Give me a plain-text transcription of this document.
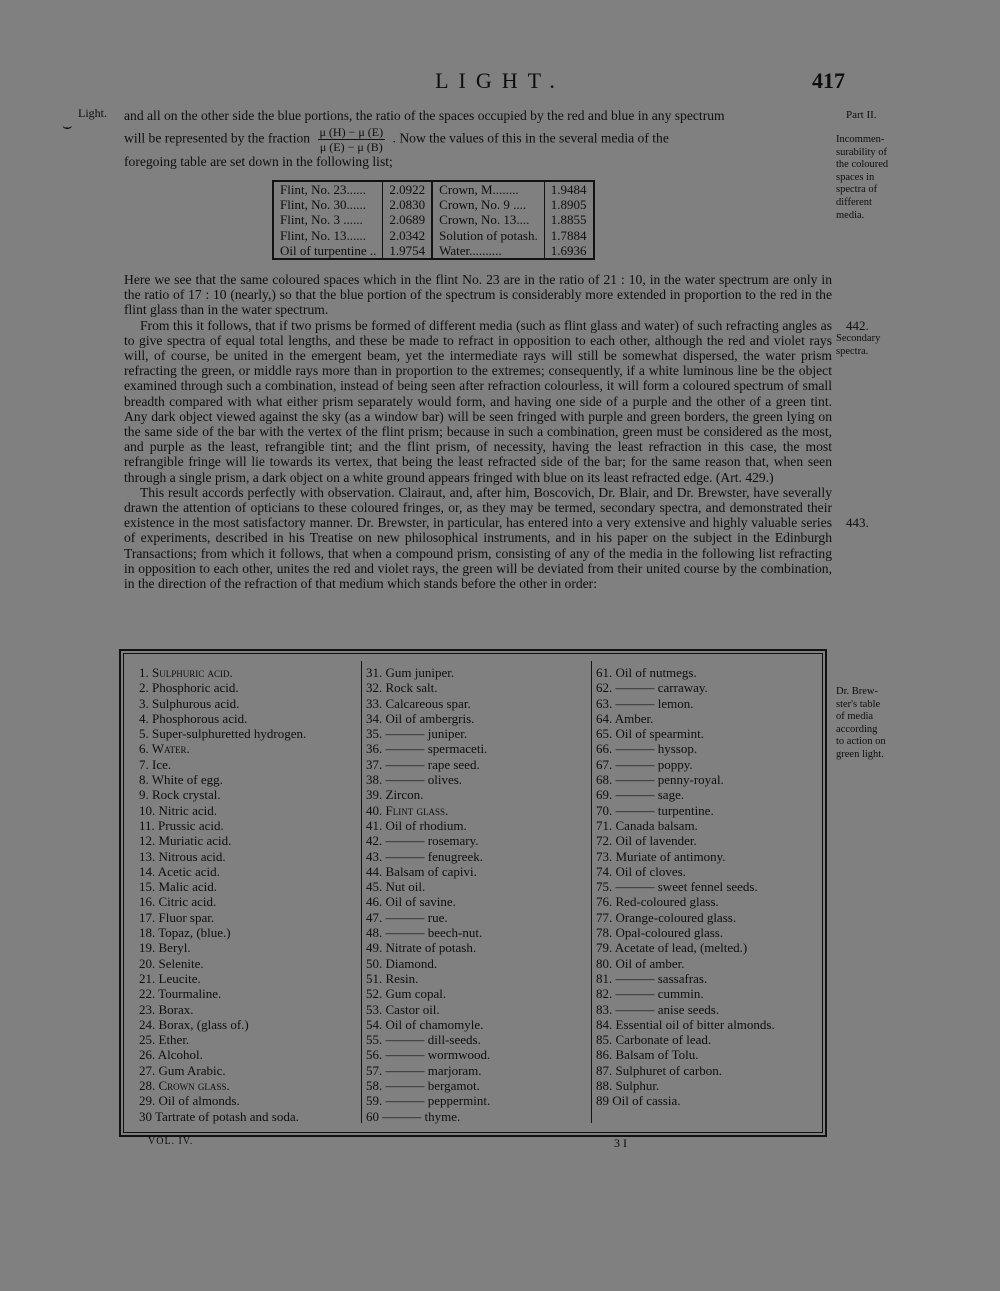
LIGHT.	417
Light.
⌣
Part II.
Incommen-
surability of
the coloured
spaces in
spectra of
different
media.
442.
Secondary
spectra.
443.
Dr. Brew-
ster's table
of media
according
to action on
green light.

and all on the other side the blue portions, the ratio of the spaces occupied by the red and blue in any spectrum

will be represented by the fraction $\frac{\mu (H) - \mu (E)}{\mu (E) - \mu (B)}$ . Now the values of this in the several media of the

foregoing table are set down in the following list;

Flint, No. 23......	2.0922	Crown, M........	1.9484
Flint, No. 30......	2.0830	Crown, No. 9 ....	1.8905
Flint, No. 3 ......	2.0689	Crown, No. 13....	1.8855
Flint, No. 13......	2.0342	Solution of potash.	1.7884
Oil of turpentine ..	1.9754	Water..........	1.6936

Here we see that the same coloured spaces which in the flint No. 23 are in the ratio of 21 : 10, in the water spectrum are only in the ratio of 17 : 10 (nearly,) so that the blue portion of the spectrum is considerably more extended in proportion to the red in the flint glass than in the water spectrum.

From this it follows, that if two prisms be formed of different media (such as flint glass and water) of such refracting angles as to give spectra of equal total lengths, and these be made to refract in opposition to each other, although the red and violet rays will, of course, be united in the emergent beam, yet the intermediate rays will still be somewhat dispersed, the water prism refracting the green, or middle rays more than in proportion to the extremes; consequently, if a white luminous line be the object examined through such a combination, instead of being seen after refraction colourless, it will form a coloured spectrum of small breadth compared with what either prism separately would form, and having one side of a purple and the other of a green tint. Any dark object viewed against the sky (as a window bar) will be seen fringed with purple and green borders, the green lying on the same side of the bar with the vertex of the flint prism; because in such a combination, green must be considered as the most, and purple as the least, refrangible tint; and the flint prism, of necessity, having the least refraction in this case, the most refrangible fringe will lie towards its vertex, that being the least refracted side of the bar; for the same reason that, when seen through a single prism, a dark object on a white ground appears fringed with blue on its least refracted edge. (Art. 429.)

This result accords perfectly with observation. Clairaut, and, after him, Boscovich, Dr. Blair, and Dr. Brewster, have severally drawn the attention of opticians to these coloured fringes, or, as they may be termed, secondary spectra, and demonstrated their existence in the most satisfactory manner. Dr. Brewster, in particular, has entered into a very extensive and highly valuable series of experiments, described in his Treatise on new philosophical instruments, and in his paper on the subject in the Edinburgh Transactions; from which it follows, that when a compound prism, consisting of any of the media in the following list refracting in opposition to each other, unites the red and violet rays, the green will be deviated from their united course by the combination, in the direction of the refraction of that medium which stands before the other in order:

1. Sulphuric acid.
2. Phosphoric acid.
3. Sulphurous acid.
4. Phosphorous acid.
5. Super-sulphuretted hydrogen.
6. Water.
7. Ice.
8. White of egg.
9. Rock crystal.
10. Nitric acid.
11. Prussic acid.
12. Muriatic acid.
13. Nitrous acid.
14. Acetic acid.
15. Malic acid.
16. Citric acid.
17. Fluor spar.
18. Topaz, (blue.)
19. Beryl.
20. Selenite.
21. Leucite.
22. Tourmaline.
23. Borax.
24. Borax, (glass of.)
25. Ether.
26. Alcohol.
27. Gum Arabic.
28. Crown glass.
29. Oil of almonds.
30 Tartrate of potash and soda.
31. Gum juniper.
32. Rock salt.
33. Calcareous spar.
34. Oil of ambergris.
35. ——— juniper.
36. ——— spermaceti.
37. ——— rape seed.
38. ——— olives.
39. Zircon.
40. Flint glass.
41. Oil of rhodium.
42. ——— rosemary.
43. ——— fenugreek.
44. Balsam of capivi.
45. Nut oil.
46. Oil of savine.
47. ——— rue.
48. ——— beech-nut.
49. Nitrate of potash.
50. Diamond.
51. Resin.
52. Gum copal.
53. Castor oil.
54. Oil of chamomyle.
55. ——— dill-seeds.
56. ——— wormwood.
57. ——— marjoram.
58. ——— bergamot.
59. ——— peppermint.
60 ——— thyme.
61. Oil of nutmegs.
62. ——— carraway.
63. ——— lemon.
64. Amber.
65. Oil of spearmint.
66. ——— hyssop.
67. ——— poppy.
68. ——— penny-royal.
69. ——— sage.
70. ——— turpentine.
71. Canada balsam.
72. Oil of lavender.
73. Muriate of antimony.
74. Oil of cloves.
75. ——— sweet fennel seeds.
76. Red-coloured glass.
77. Orange-coloured glass.
78. Opal-coloured glass.
79. Acetate of lead, (melted.)
80. Oil of amber.
81. ——— sassafras.
82. ——— cummin.
83. ——— anise seeds.
84. Essential oil of bitter almonds.
85. Carbonate of lead.
86. Balsam of Tolu.
87. Sulphuret of carbon.
88. Sulphur.
89 Oil of cassia.
VOL. IV.	3 I
